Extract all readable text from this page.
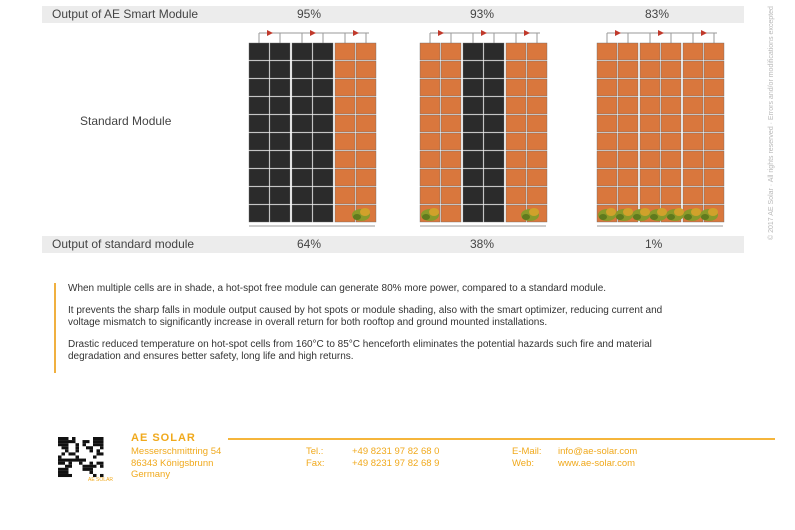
Output of AE Smart Module	95%	93%	83%
Standard Module
Output of standard module	64%	38%	1%
© 2017 AE Solar · All rights reserved · Errors and/or modifications excepted

When multiple cells are in shade, a hot-spot free module can generate 80% more power, compared to a standard module.

It prevents the sharp falls in module output caused by hot spots or module shading, also with the smart optimizer, reducing current and voltage mismatch to significantly increase in overall return for both rooftop and ground mounted installations.

Drastic reduced temperature on hot-spot cells from 160°C to 85°C henceforth eliminates the potential hazards such fire and material degradation and ensures better safety, long life and high returns.

AE SOLAR
AE SOLAR
Messerschmittring 54
86343 Königsbrunn
Germany
Tel.:	+49 8231 97 82 68 0
Fax:	+49 8231 97 82 68 9
E-Mail: info@ae-solar.com
Web:	www.ae-solar.com
